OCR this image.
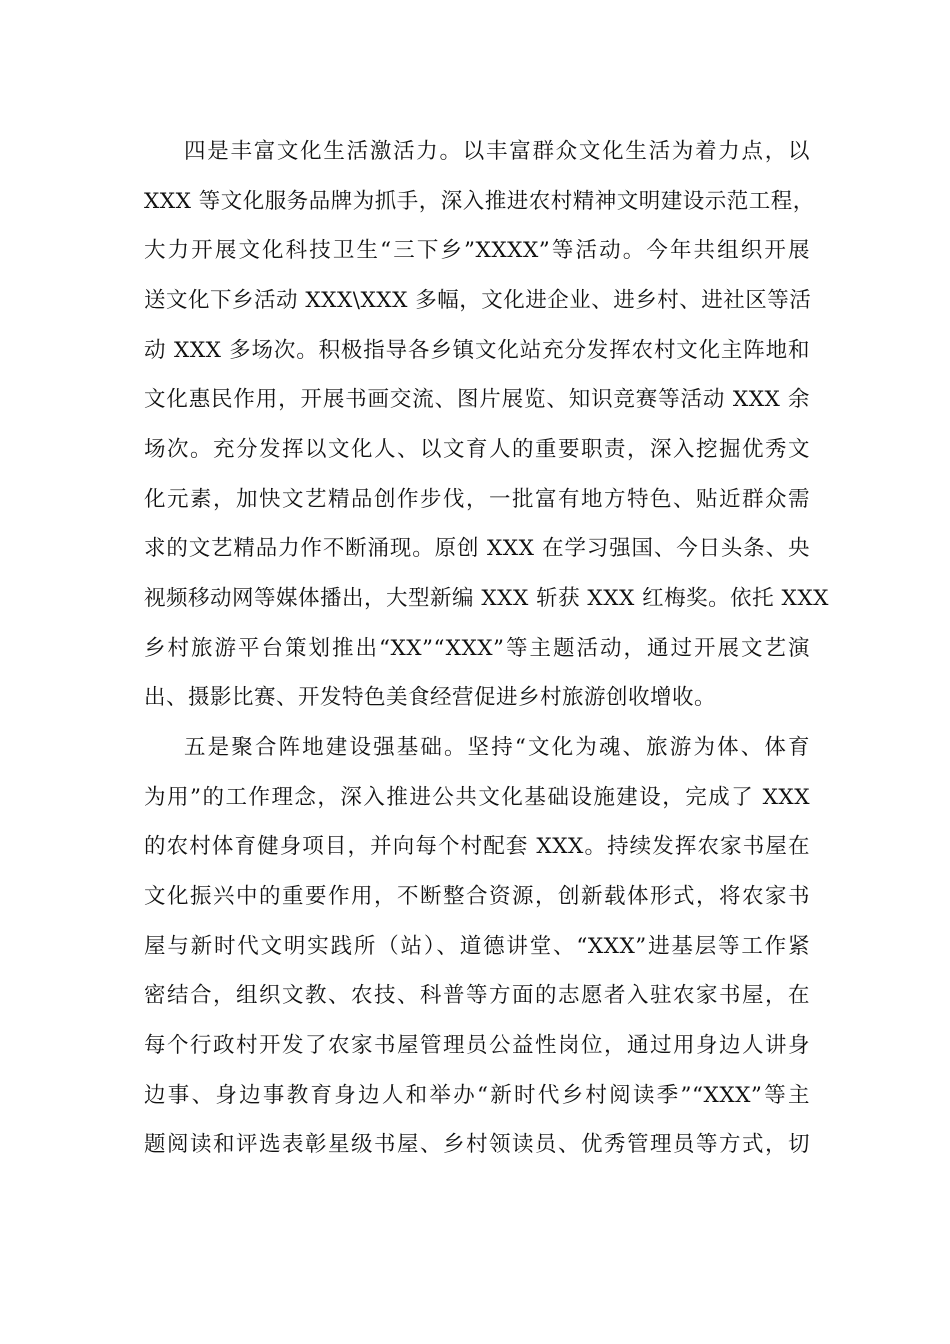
四是丰富文化生活激活力。以丰富群众文化生活为着力点，以
XXX 等文化服务品牌为抓手，深入推进农村精神文明建设示范工程，
大力开展文化科技卫生“三下乡”XXXX”等活动。今年共组织开展
送文化下乡活动 XXX\XXX 多幅，文化进企业、进乡村、进社区等活
动 XXX 多场次。积极指导各乡镇文化站充分发挥农村文化主阵地和
文化惠民作用，开展书画交流、图片展览、知识竞赛等活动 XXX 余
场次。充分发挥以文化人、以文育人的重要职责，深入挖掘优秀文
化元素，加快文艺精品创作步伐，一批富有地方特色、贴近群众需
求的文艺精品力作不断涌现。原创 XXX 在学习强国、今日头条、央
视频移动网等媒体播出，大型新编 XXX 斩获 XXX 红梅奖。依托 XXX
乡村旅游平台策划推出“XX”“XXX”等主题活动，通过开展文艺演
出、摄影比赛、开发特色美食经营促进乡村旅游创收增收。
五是聚合阵地建设强基础。坚持“文化为魂、旅游为体、体育
为用”的工作理念，深入推进公共文化基础设施建设，完成了 XXX
的农村体育健身项目，并向每个村配套 XXX。持续发挥农家书屋在
文化振兴中的重要作用，不断整合资源，创新载体形式，将农家书
屋与新时代文明实践所（站）、道德讲堂、“XXX”进基层等工作紧
密结合，组织文教、农技、科普等方面的志愿者入驻农家书屋，在
每个行政村开发了农家书屋管理员公益性岗位，通过用身边人讲身
边事、身边事教育身边人和举办“新时代乡村阅读季”“XXX”等主
题阅读和评选表彰星级书屋、乡村领读员、优秀管理员等方式，切
